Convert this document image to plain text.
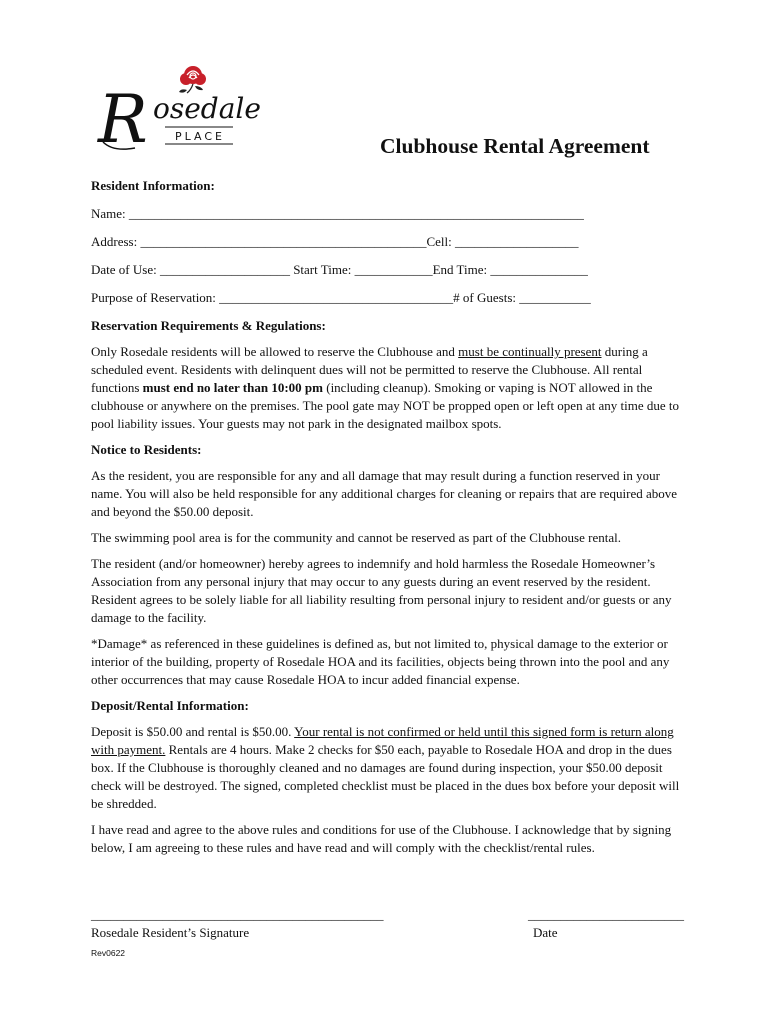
R osedale
PLACE	Clubhouse Rental Agreement
Resident Information:
Name: ______________________________________________________________________
Address: ____________________________________________Cell: ___________________
Date of Use: ____________________ Start Time: ____________End Time: _______________
Purpose of Reservation: ____________________________________# of Guests: ___________
Reservation Requirements & Regulations:

Only Rosedale residents will be allowed to reserve the Clubhouse and must be continually present during a scheduled event. Residents with delinquent dues will not be permitted to reserve the Clubhouse. All rental functions must end no later than 10:00 pm (including cleanup). Smoking or vaping is NOT allowed in the clubhouse or anywhere on the premises. The pool gate may NOT be propped open or left open at any time due to pool liability issues. Your guests may not park in the designated mailbox spots.

Notice to Residents:

As the resident, you are responsible for any and all damage that may result during a function reserved in your name. You will also be held responsible for any additional charges for cleaning or repairs that are required above and beyond the $50.00 deposit.

The swimming pool area is for the community and cannot be reserved as part of the Clubhouse rental.

The resident (and/or homeowner) hereby agrees to indemnify and hold harmless the Rosedale Homeowner’s Association from any personal injury that may occur to any guests during an event reserved by the resident. Resident agrees to be solely liable for all liability resulting from personal injury to resident and/or guests or any damage to the facility.

*Damage* as referenced in these guidelines is defined as, but not limited to, physical damage to the exterior or interior of the building, property of Rosedale HOA and its facilities, objects being thrown into the pool and any other occurrences that may cause Rosedale HOA to incur added financial expense.

Deposit/Rental Information:

Deposit is $50.00 and rental is $50.00. Your rental is not confirmed or held until this signed form is return along with payment. Rentals are 4 hours. Make 2 checks for $50 each, payable to Rosedale HOA and drop in the dues box. If the Clubhouse is thoroughly cleaned and no damages are found during inspection, your $50.00 deposit check will be destroyed. The signed, completed checklist must be placed in the dues box before your deposit will be shredded.

I have read and agree to the above rules and conditions for use of the Clubhouse. I acknowledge that by signing below, I am agreeing to these rules and have read and will comply with the checklist/rental rules.

_____________________________________________
Rosedale Resident’s Signature
________________________
Date
Rev0622
